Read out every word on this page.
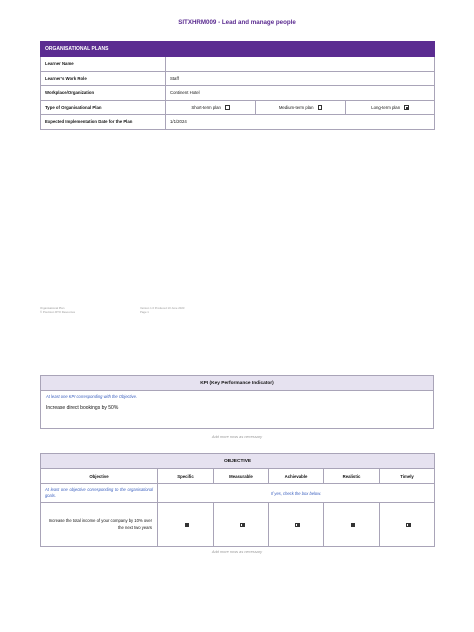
SITXHRM009 - Lead and manage people
ORGANISATIONAL PLANS			
Learner Name			
Learner’s Work Role	Staff		
Workplace/Organization	Continent Hotel		
Type of Organisational Plan	Short-term plan	Medium-term plan	Long-term plan
Expected Implementation Date for the Plan	1/1/2024		
Organisational Plan
© Precision RTO Resources
Version 1.0 Produced 10 June 2023
Page 1
KPI (Key Performance Indicator)

At least one KPI corresponding with the Objective.
Increase direct bookings by 50%
Add more rows as necessary
OBJECTIVE					
Objective	Specific	Measurable	Achievable	Realistic	Timely
At least one objective corresponding to the organisational goals.	If yes, check the box below.				
Increase the total income of your company by 10% over the next two years					
Add more rows as necessary
